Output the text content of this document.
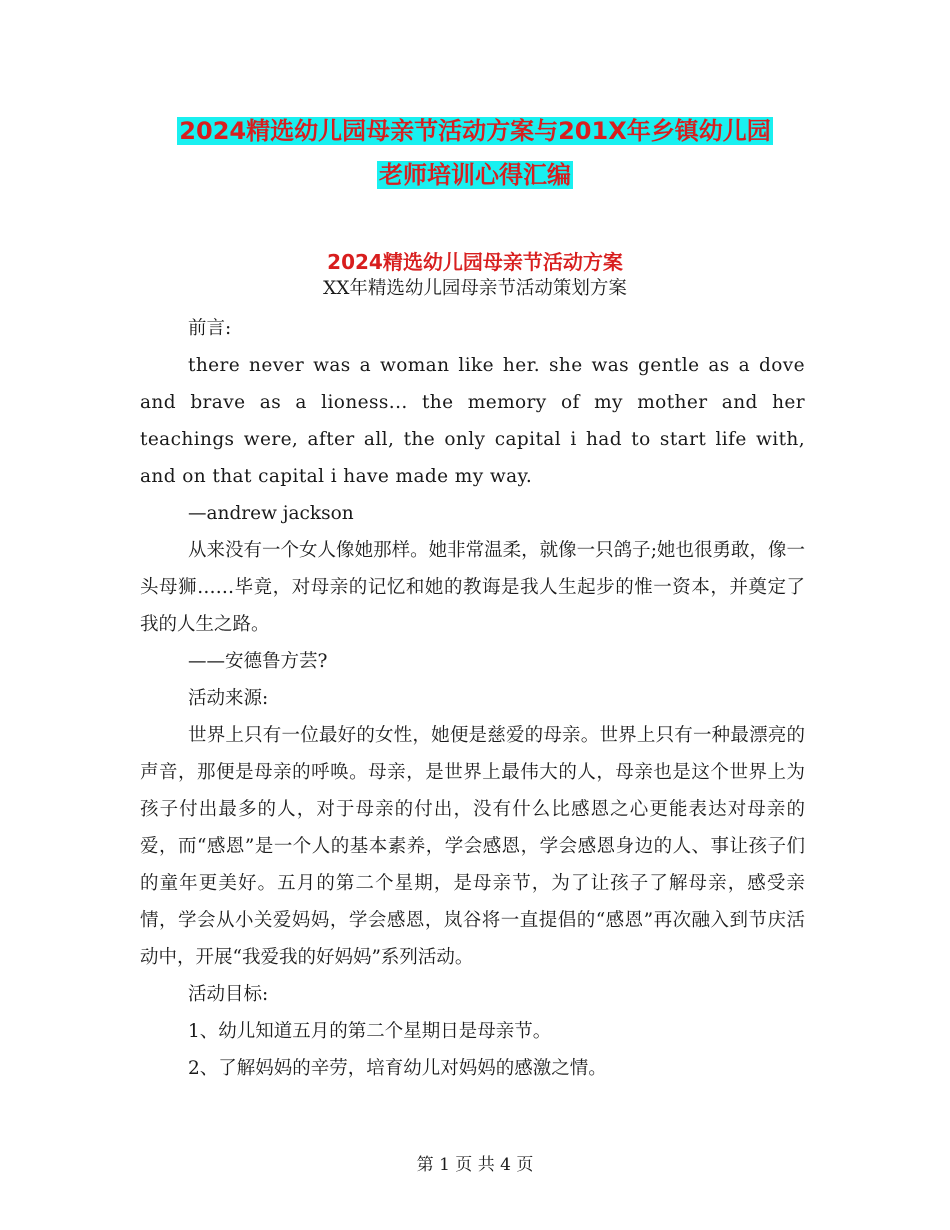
2024精选幼儿园母亲节活动方案与201X年乡镇幼儿园
老师培训心得汇编
2024精选幼儿园母亲节活动方案
XX年精选幼儿园母亲节活动策划方案

前言:

there never was a woman like her. she was gentle as a dove and brave as a lioness... the memory of my mother and her teachings were, after all, the only capital i had to start life with, and on that capital i have made my way.

—andrew jackson

从来没有一个女人像她那样。她非常温柔，就像一只鸽子;她也很勇敢，像一头母狮……毕竟，对母亲的记忆和她的教诲是我人生起步的惟一资本，并奠定了我的人生之路。

——安德鲁方芸?

活动来源:

世界上只有一位最好的女性，她便是慈爱的母亲。世界上只有一种最漂亮的声音，那便是母亲的呼唤。母亲，是世界上最伟大的人，母亲也是这个世界上为孩子付出最多的人，对于母亲的付出，没有什么比感恩之心更能表达对母亲的爱，而“感恩”是一个人的基本素养，学会感恩，学会感恩身边的人、事让孩子们的童年更美好。五月的第二个星期，是母亲节，为了让孩子了解母亲，感受亲情，学会从小关爱妈妈，学会感恩，岚谷将一直提倡的“感恩”再次融入到节庆活动中，开展“我爱我的好妈妈”系列活动。

活动目标:

1、幼儿知道五月的第二个星期日是母亲节。

2、了解妈妈的辛劳，培育幼儿对妈妈的感激之情。

第 1 页 共 4 页
